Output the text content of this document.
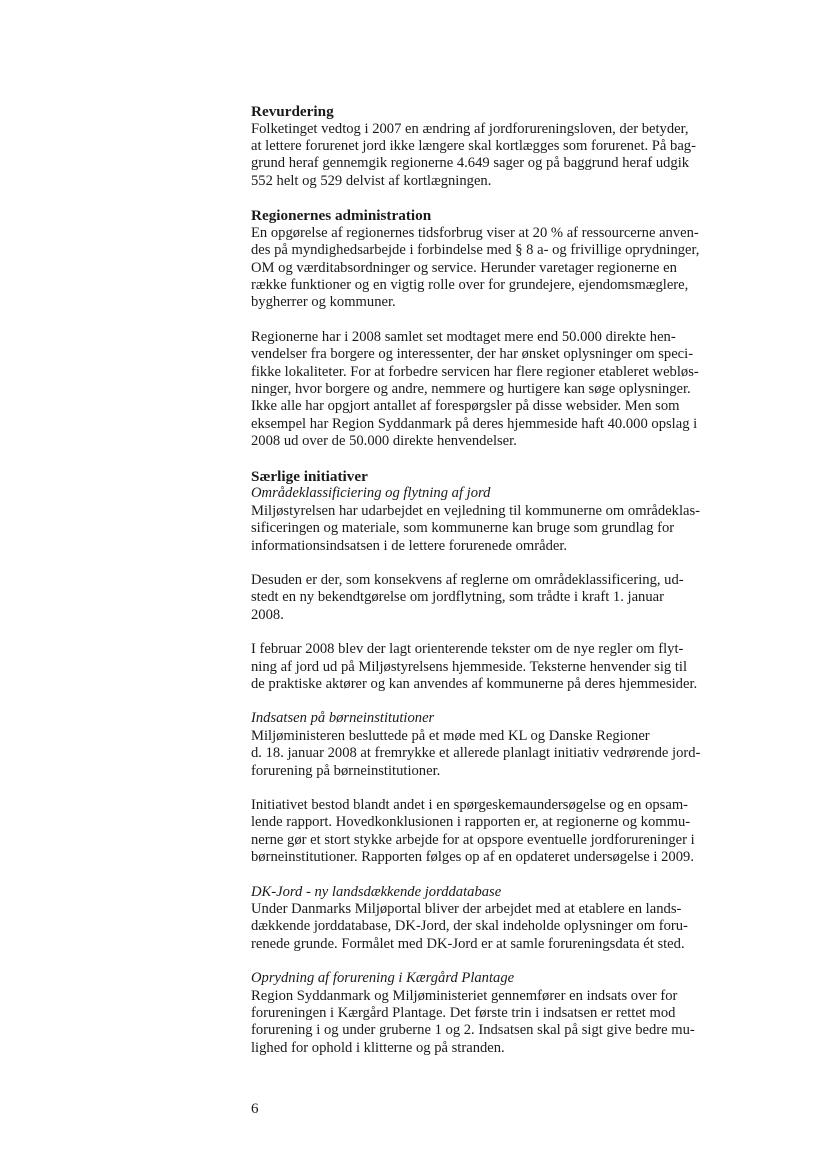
Revurdering

Folketinget vedtog i 2007 en ændring af jordforureningsloven, der betyder,
at lettere forurenet jord ikke længere skal kortlægges som forurenet. På bag-
grund heraf gennemgik regionerne 4.649 sager og på baggrund heraf udgik
552 helt og 529 delvist af kortlægningen.

Regionernes administration

En opgørelse af regionernes tidsforbrug viser at 20 % af ressourcerne anven-
des på myndighedsarbejde i forbindelse med § 8 a- og frivillige oprydninger,
OM og værditabsordninger og service. Herunder varetager regionerne en
række funktioner og en vigtig rolle over for grundejere, ejendomsmæglere,
bygherrer og kommuner.

Regionerne har i 2008 samlet set modtaget mere end 50.000 direkte hen-
vendelser fra borgere og interessenter, der har ønsket oplysninger om speci-
fikke lokaliteter. For at forbedre servicen har flere regioner etableret webløs-
ninger, hvor borgere og andre, nemmere og hurtigere kan søge oplysninger.
Ikke alle har opgjort antallet af forespørgsler på disse websider. Men som
eksempel har Region Syddanmark på deres hjemmeside haft 40.000 opslag i
2008 ud over de 50.000 direkte henvendelser.

Særlige initiativer

Områdeklassificiering og flytning af jord

Miljøstyrelsen har udarbejdet en vejledning til kommunerne om områdeklas-
sificeringen og materiale, som kommunerne kan bruge som grundlag for
informationsindsatsen i de lettere forurenede områder.

Desuden er der, som konsekvens af reglerne om områdeklassificering, ud-
stedt en ny bekendtgørelse om jordflytning, som trådte i kraft 1. januar
2008.

I februar 2008 blev der lagt orienterende tekster om de nye regler om flyt-
ning af jord ud på Miljøstyrelsens hjemmeside. Teksterne henvender sig til
de praktiske aktører og kan anvendes af kommunerne på deres hjemmesider.

Indsatsen på børneinstitutioner

Miljøministeren besluttede på et møde med KL og Danske Regioner
d. 18. januar 2008 at fremrykke et allerede planlagt initiativ vedrørende jord-
forurening på børneinstitutioner.

Initiativet bestod blandt andet i en spørgeskemaundersøgelse og en opsam-
lende rapport. Hovedkonklusionen i rapporten er, at regionerne og kommu-
nerne gør et stort stykke arbejde for at opspore eventuelle jordforureninger i
børneinstitutioner. Rapporten følges op af en opdateret undersøgelse i 2009.

DK-Jord - ny landsdækkende jorddatabase

Under Danmarks Miljøportal bliver der arbejdet med at etablere en lands-
dækkende jorddatabase, DK-Jord, der skal indeholde oplysninger om foru-
renede grunde. Formålet med DK-Jord er at samle forureningsdata ét sted.

Oprydning af forurening i Kærgård Plantage

Region Syddanmark og Miljøministeriet gennemfører en indsats over for
forureningen i Kærgård Plantage. Det første trin i indsatsen er rettet mod
forurening i og under gruberne 1 og 2. Indsatsen skal på sigt give bedre mu-
lighed for ophold i klitterne og på stranden.

6
